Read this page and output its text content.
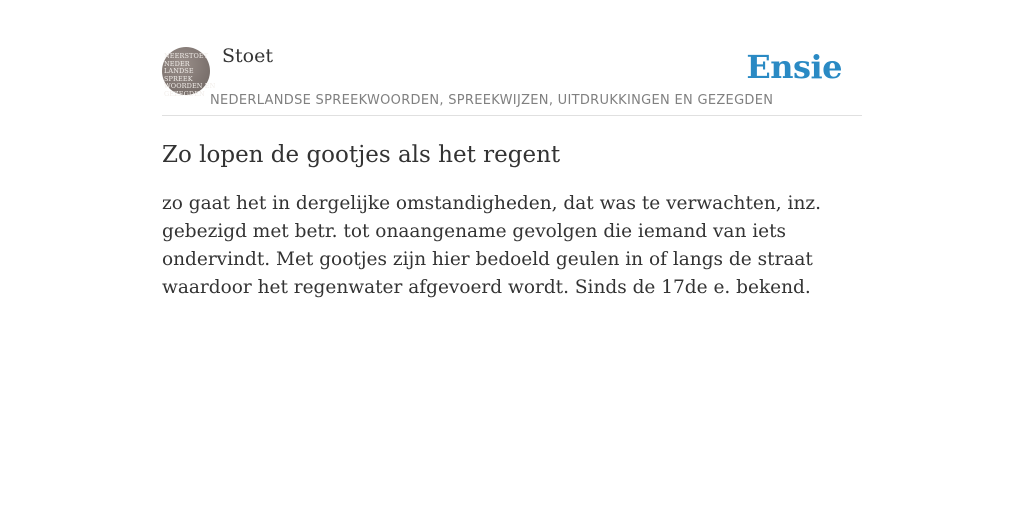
NEERSTOET
NEDER
LANDSE
SPREEK
WOORDEN EN
GEZEGDEN
Stoet	Ensie
NEDERLANDSE SPREEKWOORDEN, SPREEKWIJZEN, UITDRUKKINGEN EN GEZEGDEN
Zo lopen de gootjes als het regent

zo gaat het in dergelijke omstandigheden, dat was te verwachten, inz. gebezigd met betr. tot onaangename gevolgen die iemand van iets ondervindt. Met gootjes zijn hier bedoeld geulen in of langs de straat waardoor het regenwater afgevoerd wordt. Sinds de 17de e. bekend.
